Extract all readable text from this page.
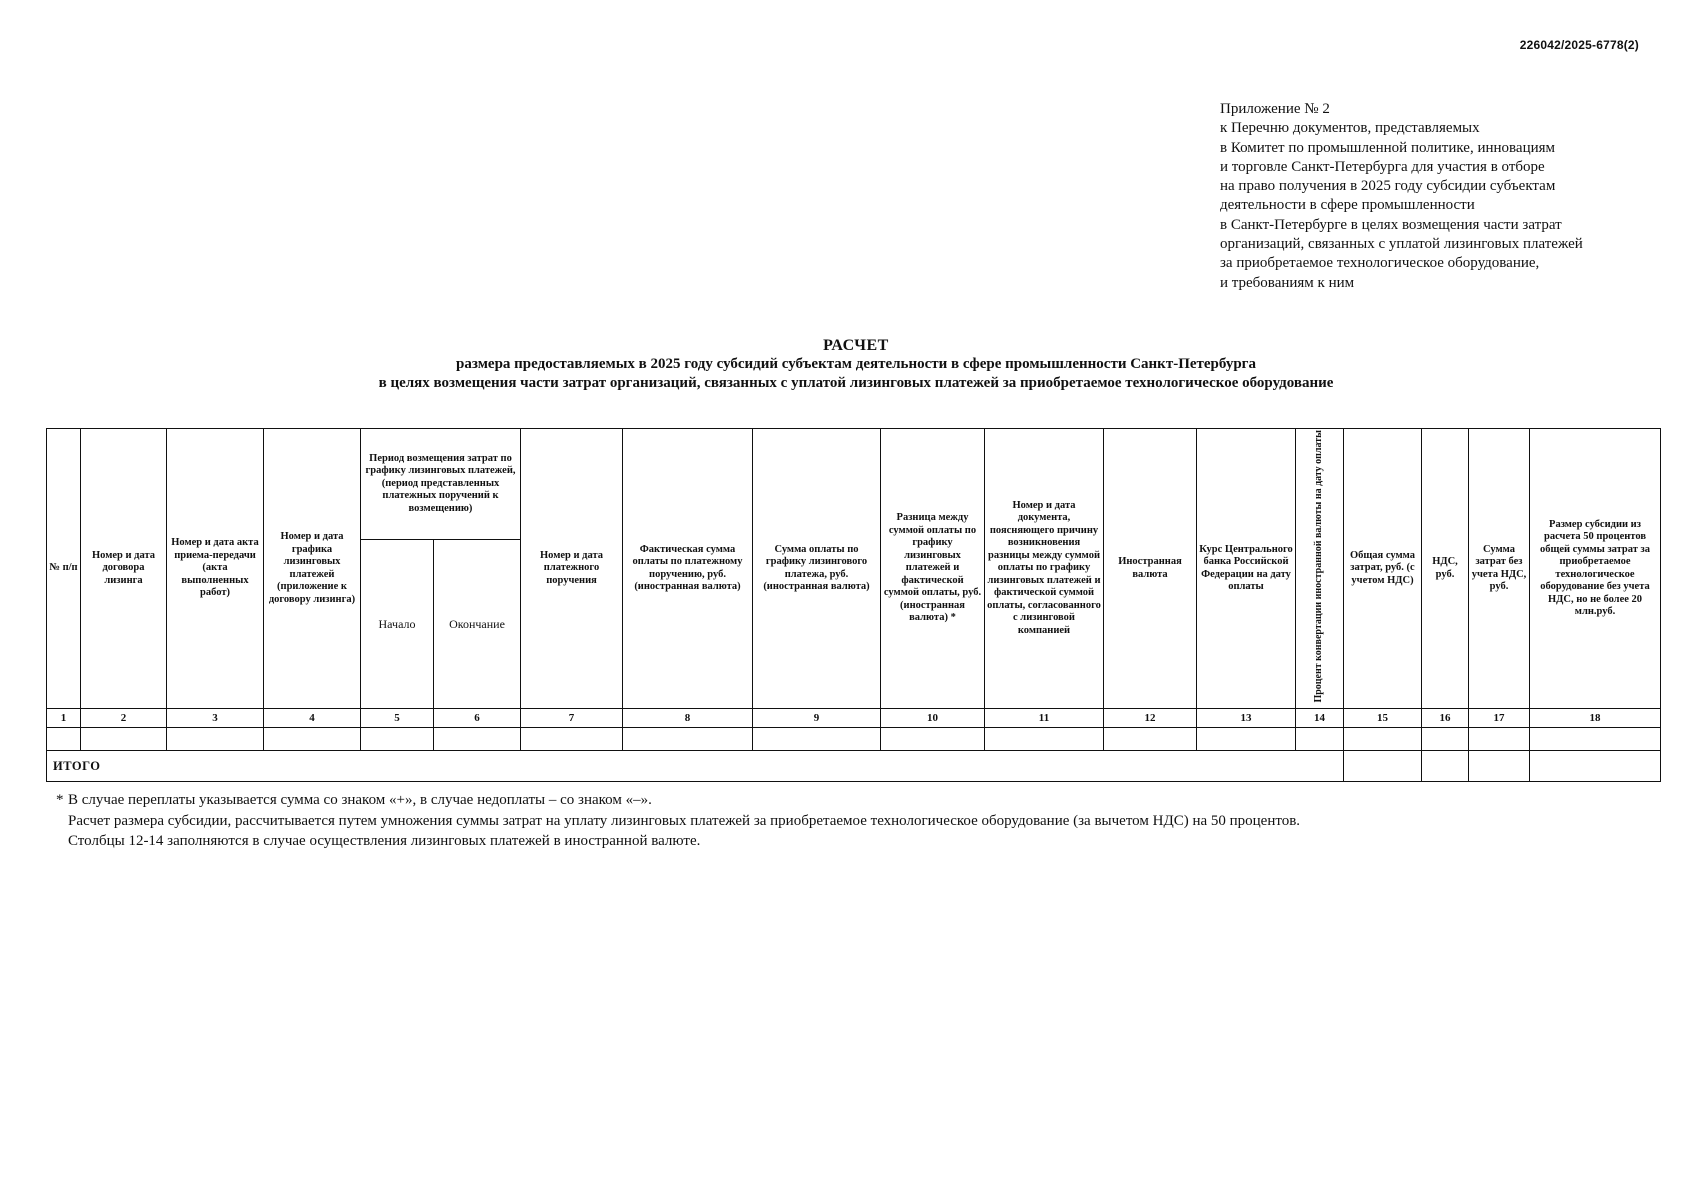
226042/2025-6778(2)
Приложение № 2
к Перечню документов, представляемых
в Комитет по промышленной политике, инновациям
и торговле Санкт-Петербурга для участия в отборе
на право получения в 2025 году субсидии субъектам
деятельности в сфере промышленности
в Санкт-Петербурге в целях возмещения части затрат
организаций, связанных с уплатой лизинговых платежей
за приобретаемое технологическое оборудование,
и требованиям к ним
РАСЧЕТ
размера предоставляемых в 2025 году субсидий субъектам деятельности в сфере промышленности Санкт-Петербурга
в целях возмещения части затрат организаций, связанных с уплатой лизинговых платежей за приобретаемое технологическое оборудование
№ п/п	Номер и дата договора лизинга	Номер и дата акта приема-передачи (акта выполненных работ)	Номер и дата графика лизинговых платежей (приложение к договору лизинга)	Период возмещения затрат по графику лизинговых платежей, (период представленных платежных поручений к возмещению)		Номер и дата платежного поручения	Фактическая сумма оплаты по платежному поручению, руб. (иностранная валюта)	Сумма оплаты по графику лизингового платежа, руб. (иностранная валюта)	Разница между суммой оплаты по графику лизинговых платежей и фактической суммой оплаты, руб. (иностранная валюта) *	Номер и дата документа, поясняющего причину возникновения разницы между суммой оплаты по графику лизинговых платежей и фактической суммой оплаты, согласованного с лизинговой компанией	Иностранная валюта	Курс Центрального банка Российской Федерации на дату оплаты	Процент конвертации иностранной валюты на дату оплаты	Общая сумма затрат, руб. (с учетом НДС)	НДС, руб.	Сумма затрат без учета НДС, руб.	Размер субсидии из расчета 50 процентов общей суммы затрат за приобретаемое технологическое оборудование без учета НДС, но не более 20 млн.руб.
				Начало	Окончание												
1	2	3	4	5	6	7	8	9	10	11	12	13	14	15	16	17	18

ИТОГО																	
* В случае переплаты указывается сумма со знаком «+», в случае недоплаты – со знаком «–».
Расчет размера субсидии, рассчитывается путем умножения суммы затрат на уплату лизинговых платежей за приобретаемое технологическое оборудование (за вычетом НДС) на 50 процентов.
Столбцы 12-14 заполняются в случае осуществления лизинговых платежей в иностранной валюте.
